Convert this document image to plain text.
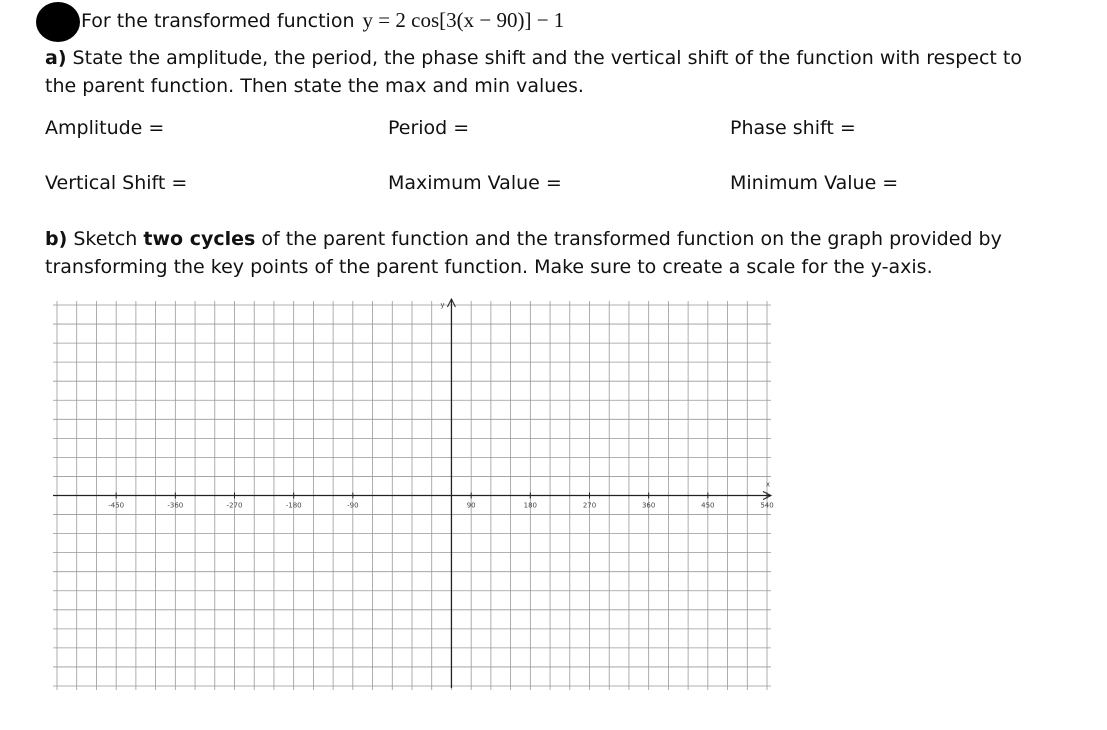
For the transformed function y = 2 cos[3(x − 90)] − 1
a) State the amplitude, the period, the phase shift and the vertical shift of the function with respect to the parent function. Then state the max and min values.
Amplitude =	Period =	Phase shift =
Vertical Shift =	Maximum Value =	Minimum Value =
b) Sketch two cycles of the parent function and the transformed function on the graph provided by transforming the key points of the parent function. Make sure to create a scale for the y-axis.
y
x
-450	-360	-270	-180	-90	90	180	270	360	450	540
